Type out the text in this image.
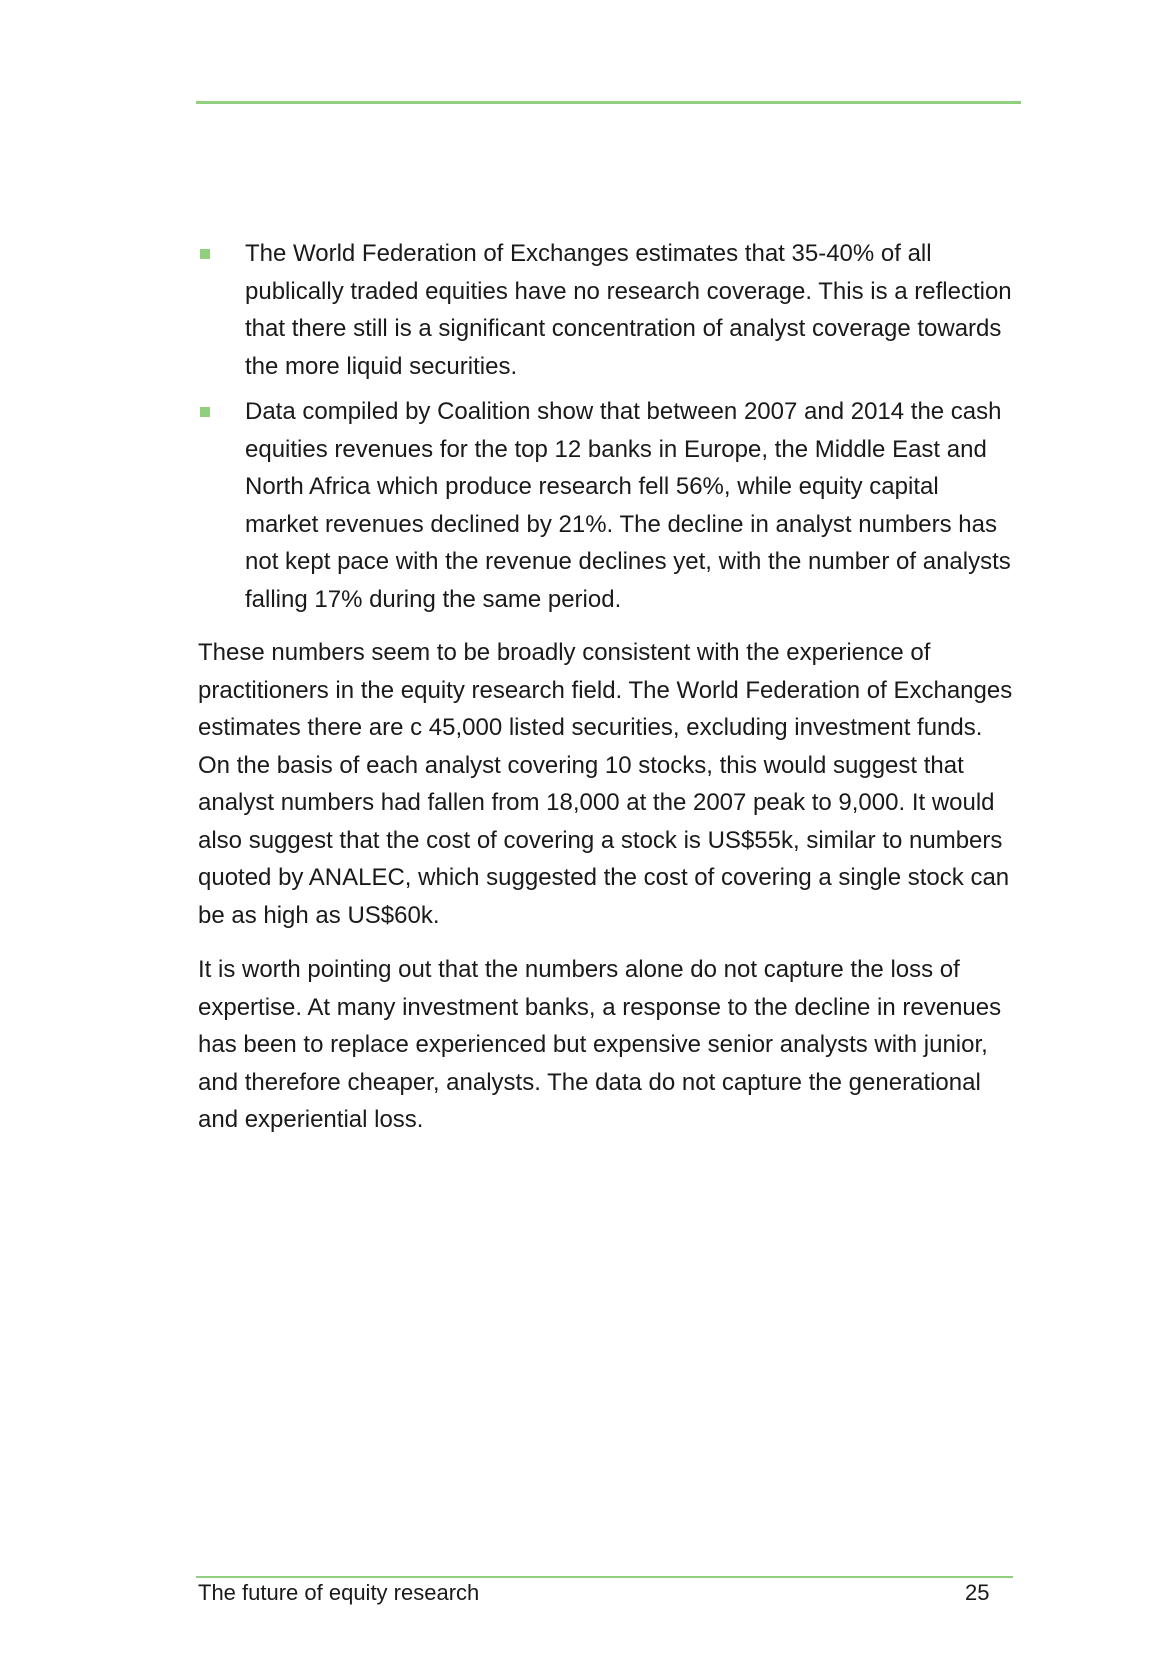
The World Federation of Exchanges estimates that 35-40% of all publically traded equities have no research coverage. This is a reflection that there still is a significant concentration of analyst coverage towards the more liquid securities.
Data compiled by Coalition show that between 2007 and 2014 the cash equities revenues for the top 12 banks in Europe, the Middle East and North Africa which produce research fell 56%, while equity capital market revenues declined by 21%. The decline in analyst numbers has not kept pace with the revenue declines yet, with the number of analysts falling 17% during the same period.

These numbers seem to be broadly consistent with the experience of practitioners in the equity research field. The World Federation of Exchanges estimates there are c 45,000 listed securities, excluding investment funds. On the basis of each analyst covering 10 stocks, this would suggest that analyst numbers had fallen from 18,000 at the 2007 peak to 9,000. It would also suggest that the cost of covering a stock is US$55k, similar to numbers quoted by ANALEC, which suggested the cost of covering a single stock can be as high as US$60k.

It is worth pointing out that the numbers alone do not capture the loss of expertise. At many investment banks, a response to the decline in revenues has been to replace experienced but expensive senior analysts with junior, and therefore cheaper, analysts. The data do not capture the generational and experiential loss.

The future of equity research	25
